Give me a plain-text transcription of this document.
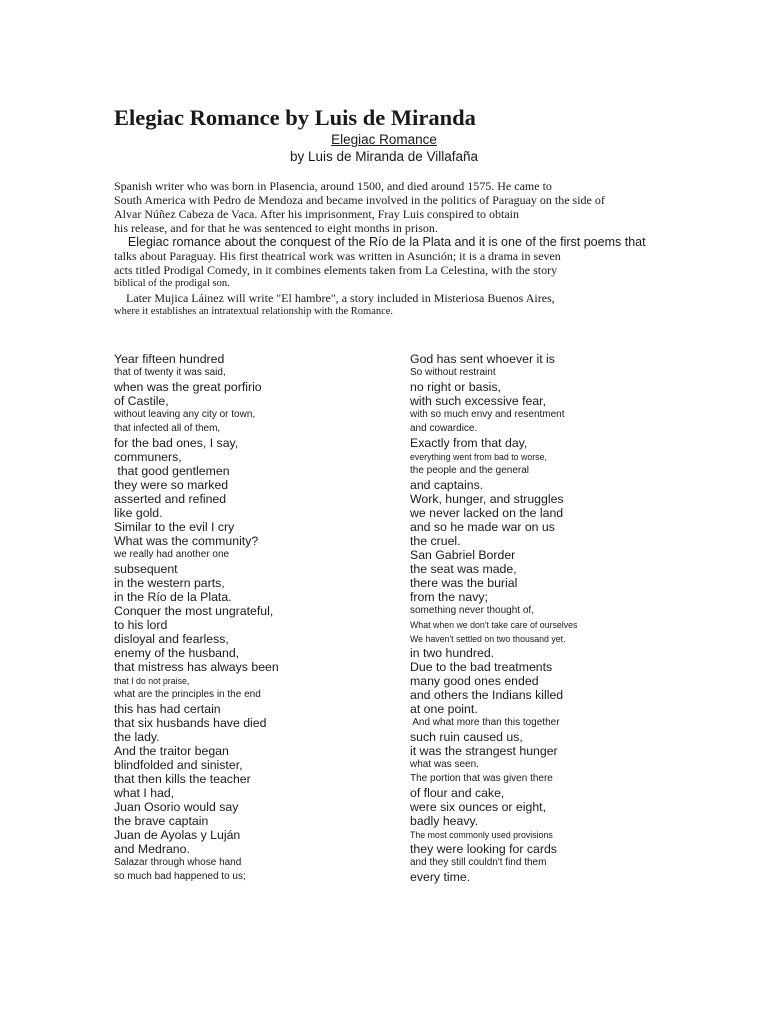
Elegiac Romance by Luis de Miranda
Elegiac Romance
by Luis de Miranda de Villafaña

Spanish writer who was born in Plasencia, around 1500, and died around 1575. He came to

South America with Pedro de Mendoza and became involved in the politics of Paraguay on the side of

Alvar Núñez Cabeza de Vaca. After his imprisonment, Fray Luis conspired to obtain

his release, and for that he was sentenced to eight months in prison.

Elegiac romance about the conquest of the Río de la Plata and it is one of the first poems that

talks about Paraguay. His first theatrical work was written in Asunción; it is a drama in seven

acts titled Prodigal Comedy, in it combines elements taken from La Celestina, with the story

biblical of the prodigal son.

Later Mujica Láinez will write "El hambre", a story included in Misteriosa Buenos Aires,

where it establishes an intratextual relationship with the Romance.

Year fifteen hundred
that of twenty it was said,
when was the great porfirio
of Castile,
without leaving any city or town,
that infected all of them,
for the bad ones, I say,
communers,
that good gentlemen
they were so marked
asserted and refined
like gold.
Similar to the evil I cry
What was the community?
we really had another one
subsequent
in the western parts,
in the Río de la Plata.
Conquer the most ungrateful,
to his lord
disloyal and fearless,
enemy of the husband,
that mistress has always been
that I do not praise,
what are the principles in the end
this has had certain
that six husbands have died
the lady.
And the traitor began
blindfolded and sinister,
that then kills the teacher
what I had,
Juan Osorio would say
the brave captain
Juan de Ayolas y Luján
and Medrano.
Salazar through whose hand
so much bad happened to us;
God has sent whoever it is
So without restraint
no right or basis,
with such excessive fear,
with so much envy and resentment
and cowardice.
Exactly from that day,
everything went from bad to worse,
the people and the general
and captains.
Work, hunger, and struggles
we never lacked on the land
and so he made war on us
the cruel.
San Gabriel Border
the seat was made,
there was the burial
from the navy;
something never thought of,
What when we don't take care of ourselves
We haven't settled on two thousand yet.
in two hundred.
Due to the bad treatments
many good ones ended
and others the Indians killed
at one point.
And what more than this together
such ruin caused us,
it was the strangest hunger
what was seen.
The portion that was given there
of flour and cake,
were six ounces or eight,
badly heavy.
The most commonly used provisions
they were looking for cards
and they still couldn't find them
every time.
